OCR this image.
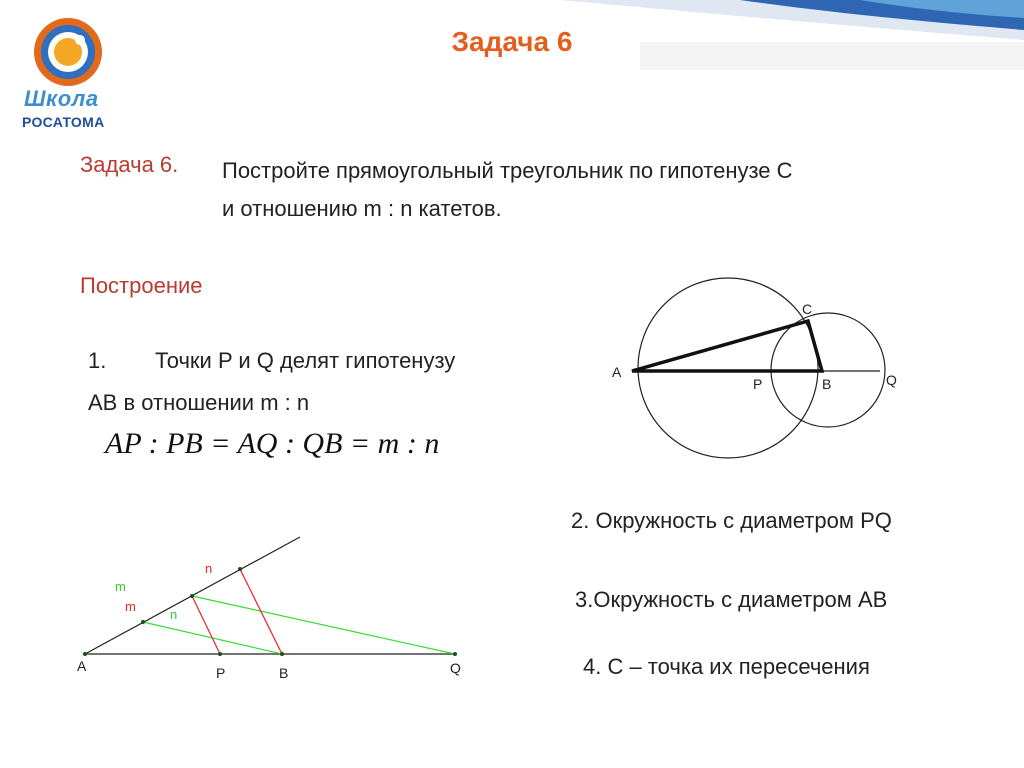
Школа
РОСАТОМА
Задача 6
Задача 6. Постройте прямоугольный треугольник по гипотенузе С
и отношению m : n катетов.
Построение
1. Точки P и Q делят гипотенузу
AB в отношении m : n
AP : PB = AQ : QB = m : n
2. Окружность с диаметром PQ
3.Окружность с диаметром AB
4. С – точка их пересечения
A
C
P	B	Q
m
m
n
n
A	P	B	Q
